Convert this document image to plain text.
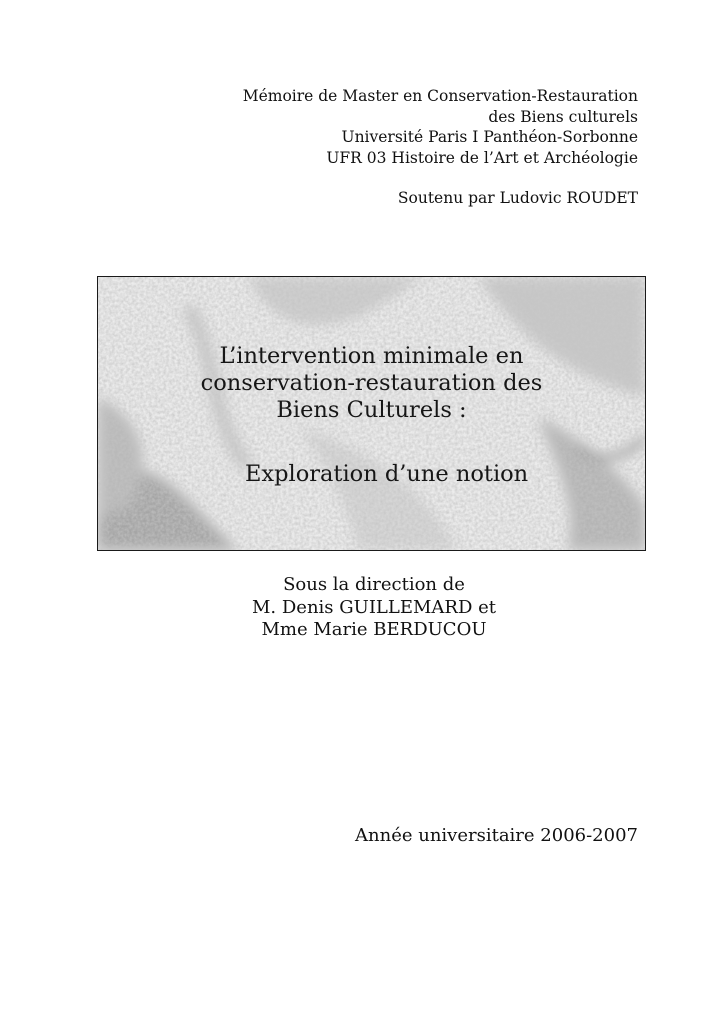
Mémoire de Master en Conservation-Restauration
des Biens culturels
Université Paris I Panthéon-Sorbonne
UFR 03 Histoire de l’Art et Archéologie
Soutenu par Ludovic ROUDET
L’intervention minimale en
conservation-restauration des
Biens Culturels :
Exploration d’une notion
Sous la direction de
M. Denis GUILLEMARD et
Mme Marie BERDUCOU
Année universitaire 2006-2007
